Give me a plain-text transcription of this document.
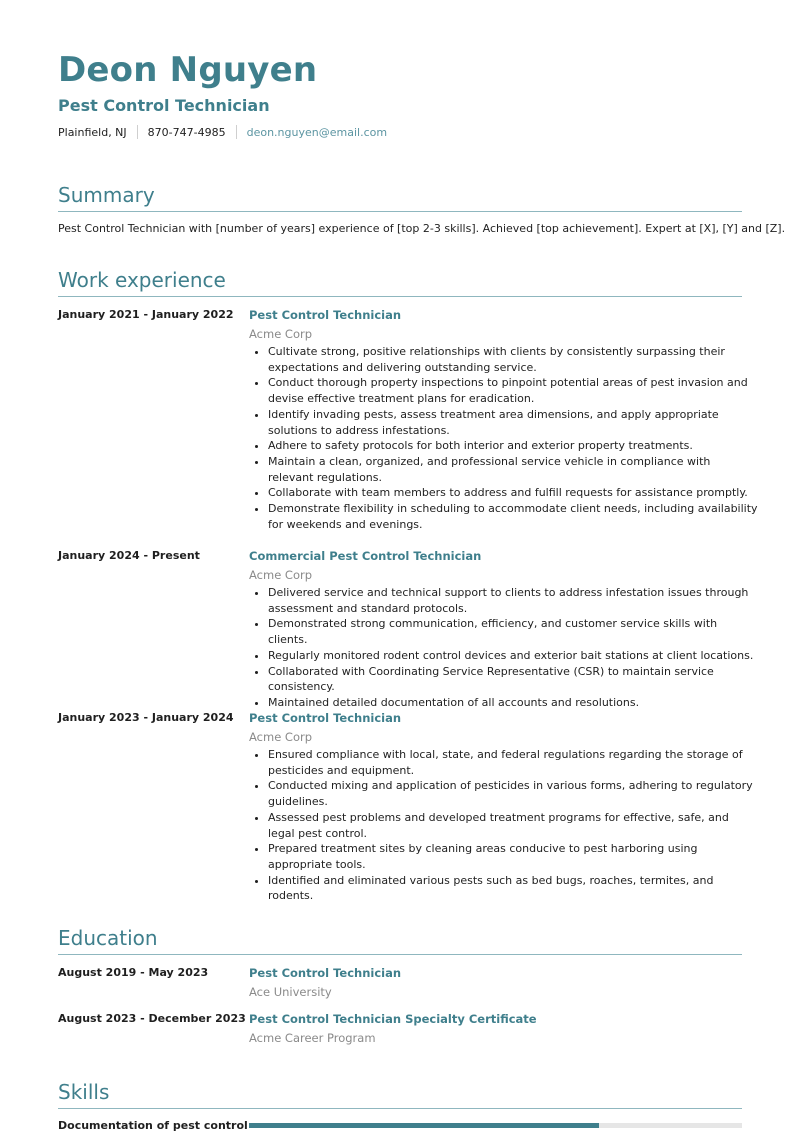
Deon Nguyen
Pest Control Technician
Plainfield, NJ 870-747-4985 deon.nguyen@email.com
Summary
Pest Control Technician with [number of years] experience of [top 2-3 skills]. Achieved [top achievement]. Expert at [X], [Y] and [Z].
Work experience
January 2021 - January 2022 Pest Control Technician
Acme Corp
• Cultivate strong, positive relationships with clients by consistently surpassing their expectations and delivering outstanding service.
• Conduct thorough property inspections to pinpoint potential areas of pest invasion and devise effective treatment plans for eradication.
• Identify invading pests, assess treatment area dimensions, and apply appropriate solutions to address infestations.
• Adhere to safety protocols for both interior and exterior property treatments.
• Maintain a clean, organized, and professional service vehicle in compliance with relevant regulations.
• Collaborate with team members to address and fulfill requests for assistance promptly.
• Demonstrate flexibility in scheduling to accommodate client needs, including availability for weekends and evenings.
January 2024 - Present	Commercial Pest Control Technician
Acme Corp
• Delivered service and technical support to clients to address infestation issues through assessment and standard protocols.
• Demonstrated strong communication, efficiency, and customer service skills with clients.
• Regularly monitored rodent control devices and exterior bait stations at client locations.
• Collaborated with Coordinating Service Representative (CSR) to maintain service consistency.
• Maintained detailed documentation of all accounts and resolutions.
January 2023 - January 2024 Pest Control Technician
Acme Corp
• Ensured compliance with local, state, and federal regulations regarding the storage of pesticides and equipment.
• Conducted mixing and application of pesticides in various forms, adhering to regulatory guidelines.
• Assessed pest problems and developed treatment programs for effective, safe, and legal pest control.
• Prepared treatment sites by cleaning areas conducive to pest harboring using appropriate tools.
• Identified and eliminated various pests such as bed bugs, roaches, termites, and rodents.
Education
August 2019 - May 2023	Pest Control Technician
Ace University
August 2023 - December 2023 Pest Control Technician Specialty Certificate
Acme Career Program
Skills
Documentation of pest control
